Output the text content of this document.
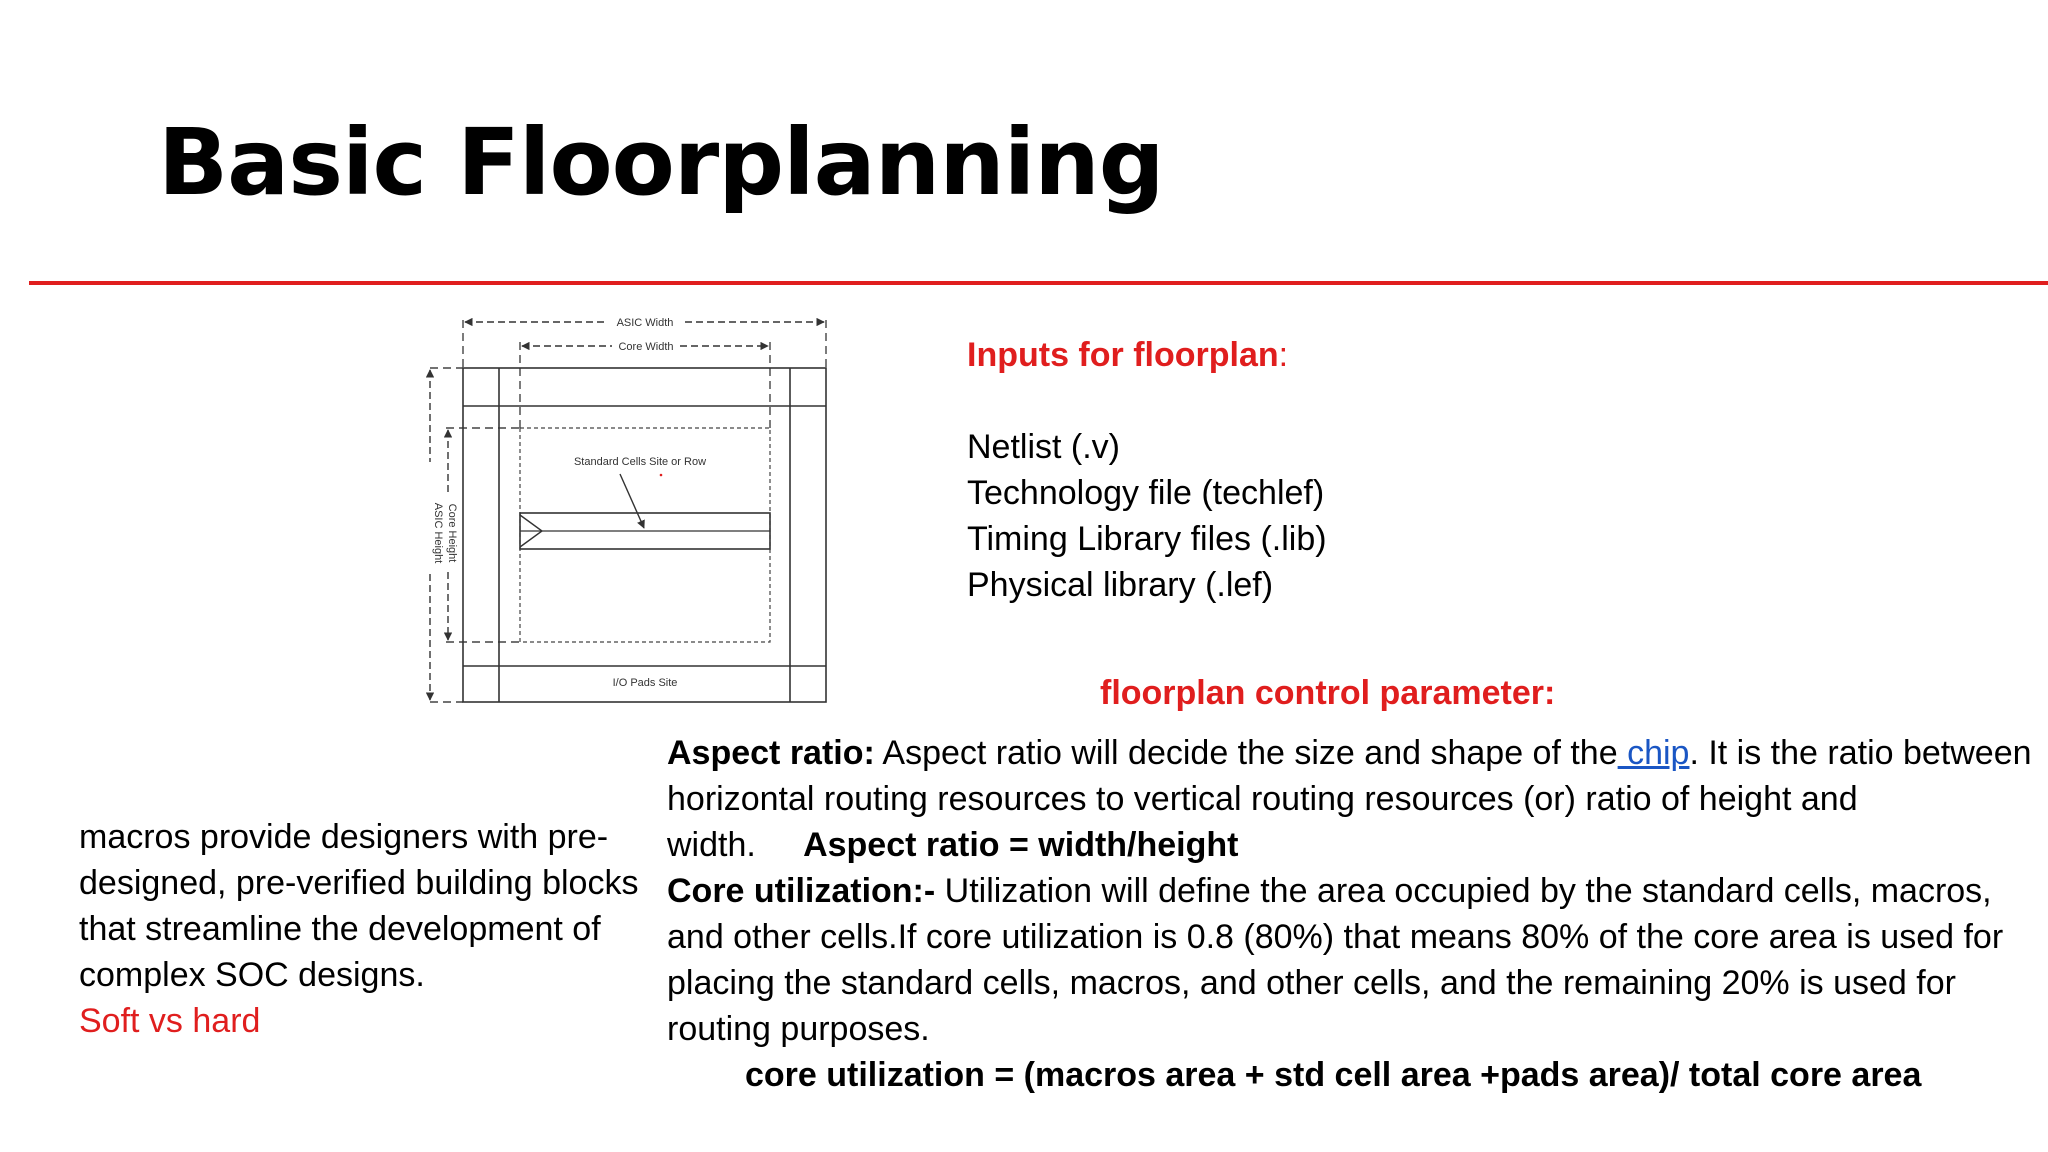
Basic Floorplanning
ASIC Width
Core Width
Core Height
ASIC Height
Standard Cells Site or Row
I/O Pads Site
Inputs for floorplan:
Netlist (.v)
Technology file (techlef)
Timing Library files (.lib)
Physical library (.lef)
floorplan control parameter:

Aspect ratio: Aspect ratio will decide the size and shape of the chip. It is the ratio between horizontal routing resources to vertical routing resources (or) ratio of height and width. Aspect ratio = width/height

Core utilization:- Utilization will define the area occupied by the standard cells, macros, and other cells.If core utilization is 0.8 (80%) that means 80% of the core area is used for placing the standard cells, macros, and other cells, and the remaining 20% is used for routing purposes.

core utilization = (macros area + std cell area +pads area)/ total core area

macros provide designers with pre-designed, pre-verified building blocks that streamline the development of complex SOC designs.

Soft vs hard
